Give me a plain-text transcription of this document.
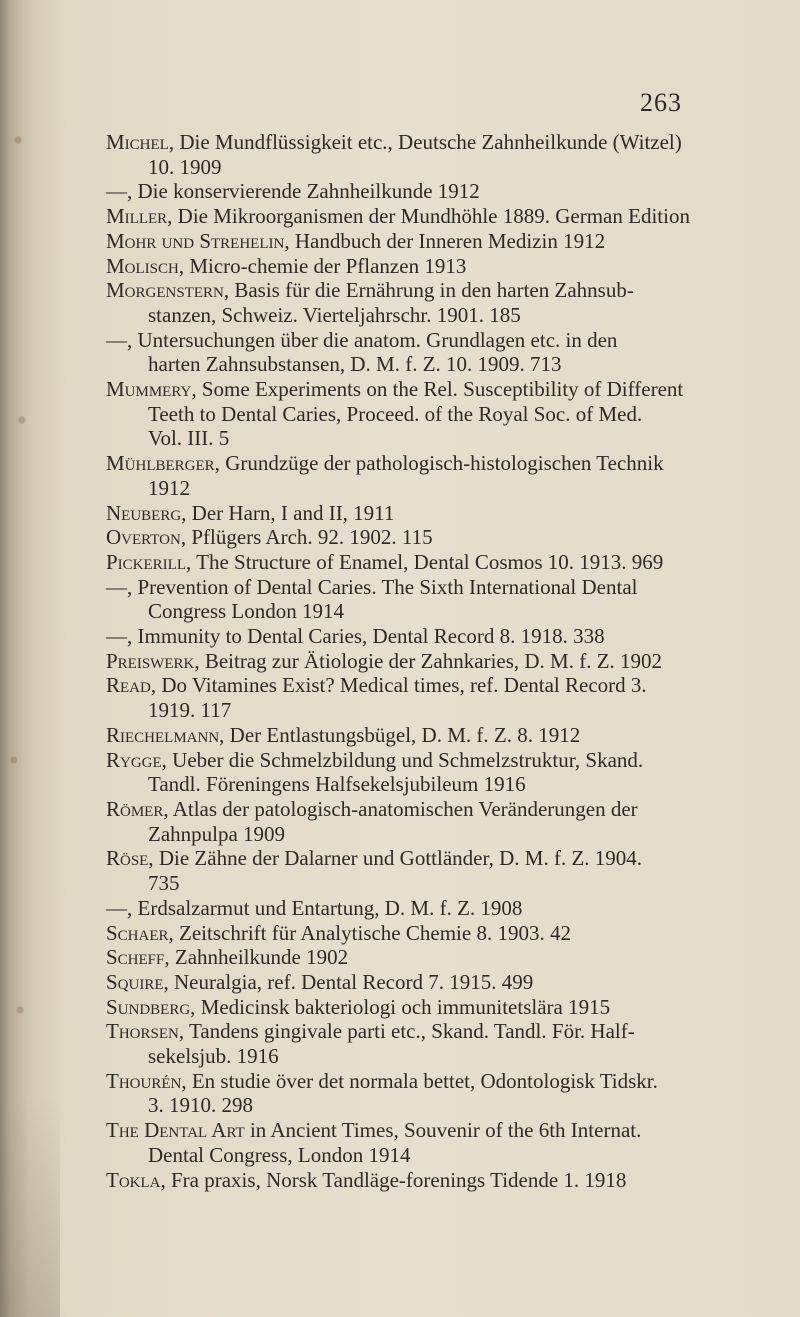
263
Michel, Die Mundflüssigkeit etc., Deutsche Zahnheilkunde (Witzel)
10. 1909
—, Die konservierende Zahnheilkunde 1912
Miller, Die Mikroorganismen der Mundhöhle 1889. German Edition
Mohr und Strehelin, Handbuch der Inneren Medizin 1912
Molisch, Micro-chemie der Pflanzen 1913
Morgenstern, Basis für die Ernährung in den harten Zahnsub-
stanzen, Schweiz. Vierteljahrschr. 1901. 185
—, Untersuchungen über die anatom. Grundlagen etc. in den
harten Zahnsubstansen, D. M. f. Z. 10. 1909. 713
Mummery, Some Experiments on the Rel. Susceptibility of Different
Teeth to Dental Caries, Proceed. of the Royal Soc. of Med.
Vol. III. 5
Mühlberger, Grundzüge der pathologisch-histologischen Technik
1912
Neuberg, Der Harn, I and II, 1911
Overton, Pflügers Arch. 92. 1902. 115
Pickerill, The Structure of Enamel, Dental Cosmos 10. 1913. 969
—, Prevention of Dental Caries. The Sixth International Dental
Congress London 1914
—, Immunity to Dental Caries, Dental Record 8. 1918. 338
Preiswerk, Beitrag zur Ätiologie der Zahnkaries, D. M. f. Z. 1902
Read, Do Vitamines Exist? Medical times, ref. Dental Record 3.
1919. 117
Riechelmann, Der Entlastungsbügel, D. M. f. Z. 8. 1912
Rygge, Ueber die Schmelzbildung und Schmelzstruktur, Skand.
Tandl. Föreningens Halfsekelsjubileum 1916
Römer, Atlas der patologisch-anatomischen Veränderungen der
Zahnpulpa 1909
Röse, Die Zähne der Dalarner und Gottländer, D. M. f. Z. 1904.
735
—, Erdsalzarmut und Entartung, D. M. f. Z. 1908
Schaer, Zeitschrift für Analytische Chemie 8. 1903. 42
Scheff, Zahnheilkunde 1902
Squire, Neuralgia, ref. Dental Record 7. 1915. 499
Sundberg, Medicinsk bakteriologi och immunitetslära 1915
Thorsen, Tandens gingivale parti etc., Skand. Tandl. För. Half-
sekelsjub. 1916
Thourén, En studie över det normala bettet, Odontologisk Tidskr.
3. 1910. 298
The Dental Art in Ancient Times, Souvenir of the 6th Internat.
Dental Congress, London 1914
Tokla, Fra praxis, Norsk Tandläge-forenings Tidende 1. 1918
